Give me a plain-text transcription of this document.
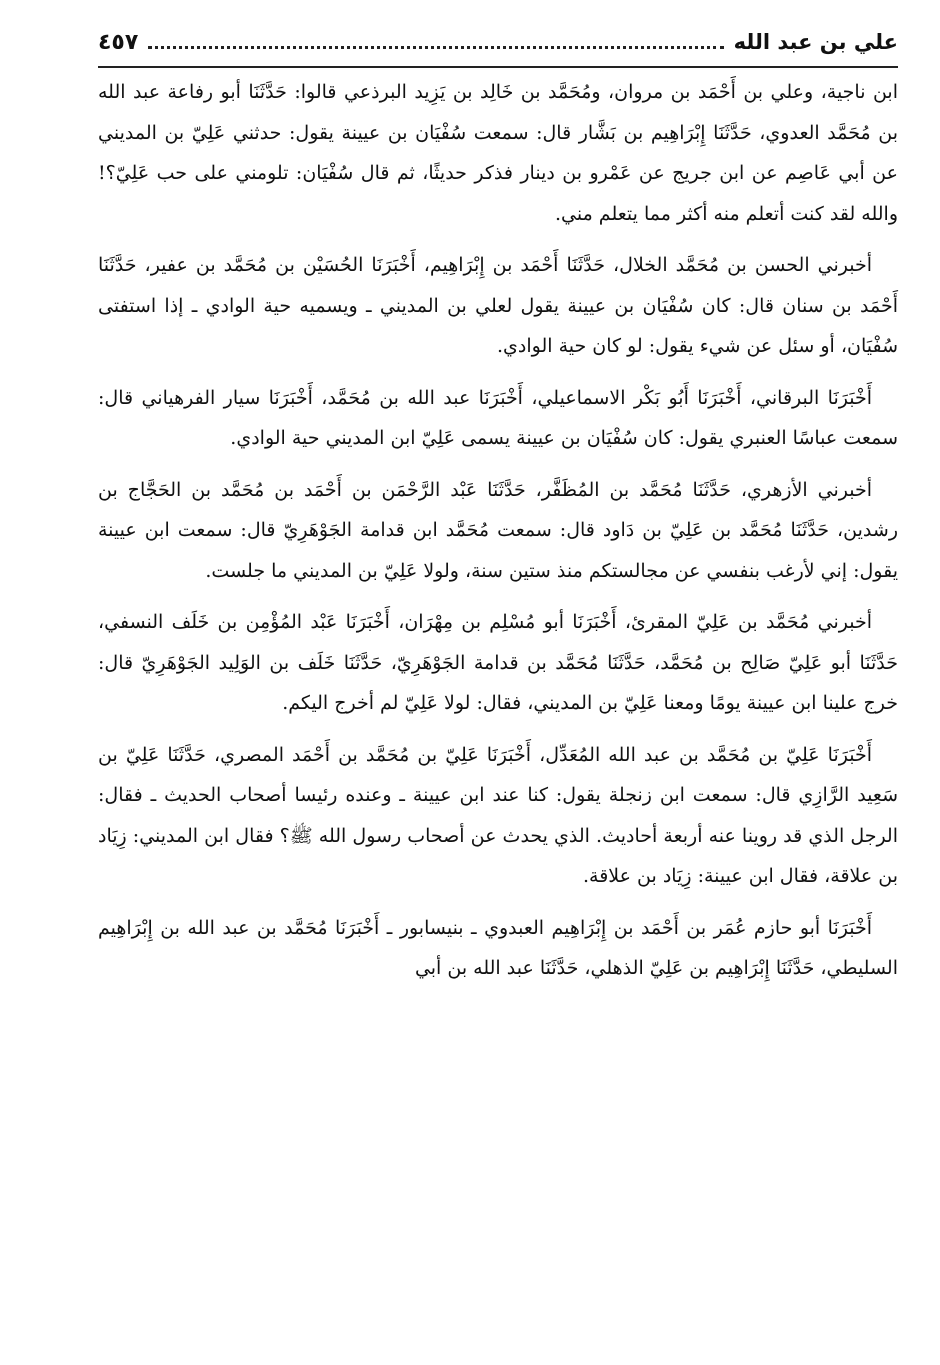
علي بن عبد الله
٤٥٧

ابن ناجية، وعلي بن أَحْمَد بن مروان، ومُحَمَّد بن خَالِد بن يَزِيد البرذعي قالوا: حَدَّثَنَا أبو رفاعة عبد الله بن مُحَمَّد العدوي، حَدَّثَنَا إِبْرَاهِيم بن بَشَّار قال: سمعت سُفْيَان بن عيينة يقول: حدثني عَلِيّ بن المديني عن أبي عَاصِم عن ابن جريج عن عَمْرو بن دينار فذكر حديثًا، ثم قال سُفْيَان: تلومني على حب عَلِيّ؟! والله لقد كنت أتعلم منه أكثر مما يتعلم مني.

أخبرني الحسن بن مُحَمَّد الخلال، حَدَّثَنَا أَحْمَد بن إِبْرَاهِيم، أَخْبَرَنَا الحُسَيْن بن مُحَمَّد بن عفير، حَدَّثَنَا أَحْمَد بن سنان قال: كان سُفْيَان بن عيينة يقول لعلي بن المديني ـ ويسميه حية الوادي ـ إذا استفتى سُفْيَان، أو سئل عن شيء يقول: لو كان حية الوادي.

أَخْبَرَنَا البرقاني، أَخْبَرَنَا أَبُو بَكْر الاسماعيلي، أَخْبَرَنَا عبد الله بن مُحَمَّد، أَخْبَرَنَا سيار الفرهياني قال: سمعت عباسًا العنبري يقول: كان سُفْيَان بن عيينة يسمى عَلِيّ ابن المديني حية الوادي.

أخبرني الأزهري، حَدَّثَنَا مُحَمَّد بن المُظَفَّر، حَدَّثَنَا عَبْد الرَّحْمَن بن أَحْمَد بن مُحَمَّد بن الحَجَّاج بن رشدين، حَدَّثَنَا مُحَمَّد بن عَلِيّ بن دَاود قال: سمعت مُحَمَّد ابن قدامة الجَوْهَرِيّ قال: سمعت ابن عيينة يقول: إني لأرغب بنفسي عن مجالستكم منذ ستين سنة، ولولا عَلِيّ بن المديني ما جلست.

أخبرني مُحَمَّد بن عَلِيّ المقرئ، أَخْبَرَنَا أبو مُسْلِم بن مِهْرَان، أَخْبَرَنَا عَبْد المُؤْمِن بن خَلَف النسفي، حَدَّثَنَا أبو عَلِيّ صَالِح بن مُحَمَّد، حَدَّثَنَا مُحَمَّد بن قدامة الجَوْهَرِيّ، حَدَّثَنَا خَلَف بن الوَلِيد الجَوْهَرِيّ قال: خرج علينا ابن عيينة يومًا ومعنا عَلِيّ بن المديني، فقال: لولا عَلِيّ لم أخرج اليكم.

أَخْبَرَنَا عَلِيّ بن مُحَمَّد بن عبد الله المُعَدِّل، أَخْبَرَنَا عَلِيّ بن مُحَمَّد بن أَحْمَد المصري، حَدَّثَنَا عَلِيّ بن سَعِيد الرَّازِي قال: سمعت ابن زنجلة يقول: كنا عند ابن عيينة ـ وعنده رئيسا أصحاب الحديث ـ فقال: الرجل الذي قد روينا عنه أربعة أحاديث. الذي يحدث عن أصحاب رسول الله ﷺ؟ فقال ابن المديني: زِيَاد بن علاقة، فقال ابن عيينة: زِيَاد بن علاقة.

أَخْبَرَنَا أبو حازم عُمَر بن أَحْمَد بن إِبْرَاهِيم العبدوي ـ بنيسابور ـ أَخْبَرَنَا مُحَمَّد بن عبد الله بن إِبْرَاهِيم السليطي، حَدَّثَنَا إِبْرَاهِيم بن عَلِيّ الذهلي، حَدَّثَنَا عبد الله بن أبي
